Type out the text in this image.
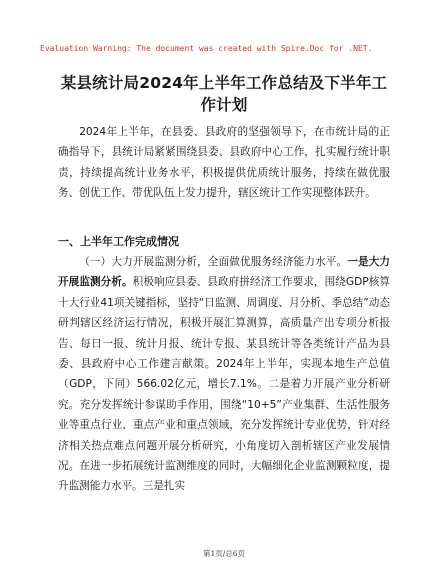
Evaluation Warning: The document was created with Spire.Doc for .NET.
某县统计局2024年上半年工作总结及下半年工作计划
2024年上半年，在县委、县政府的坚强领导下，在市统计局的正确指导下，县统计局紧紧围绕县委、县政府中心工作，扎实履行统计职责，持续提高统计业务水平，积极提供优质统计服务，持续在做优服务、创优工作、带优队伍上发力提升，辖区统计工作实现整体跃升。
一、上半年工作完成情况
（一）大力开展监测分析，全面做优服务经济能力水平。一是大力开展监测分析。积极响应县委、县政府拼经济工作要求，围绕GDP核算十大行业41项关键指标，坚持“日监测、周调度、月分析、季总结”动态研判辖区经济运行情况，积极开展汇算测算，高质量产出专项分析报告、每日一报、统计月报、统计专报、某县统计等各类统计产品为县委、县政府中心工作建言献策。2024年上半年，实现本地生产总值（GDP，下同）566.02亿元，增长7.1%。二是着力开展产业分析研究。充分发挥统计参谋助手作用，围绕“10+5”产业集群、生活性服务业等重点行业、重点产业和重点领域，充分发挥统计专业优势，针对经济相关热点难点问题开展分析研究，小角度切入剖析辖区产业发展情况。在进一步拓展统计监测维度的同时，大幅细化企业监测颗粒度，提升监测能力水平。三是扎实
第1页/总6页
